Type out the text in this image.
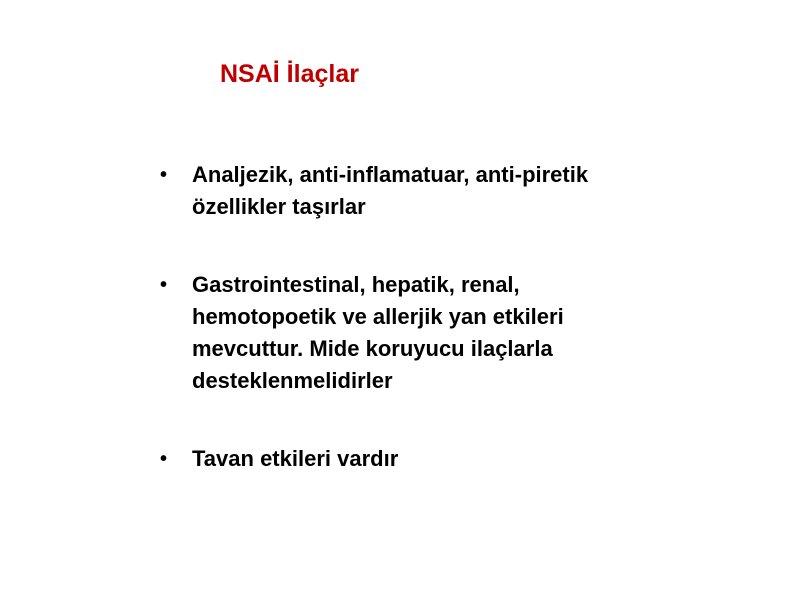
NSAİ İlaçlar
• Analjezik, anti-inflamatuar, anti-piretik
özellikler taşırlar
• Gastrointestinal, hepatik, renal,
hemotopoetik ve allerjik yan etkileri
mevcuttur. Mide koruyucu ilaçlarla
desteklenmelidirler
• Tavan etkileri vardır
